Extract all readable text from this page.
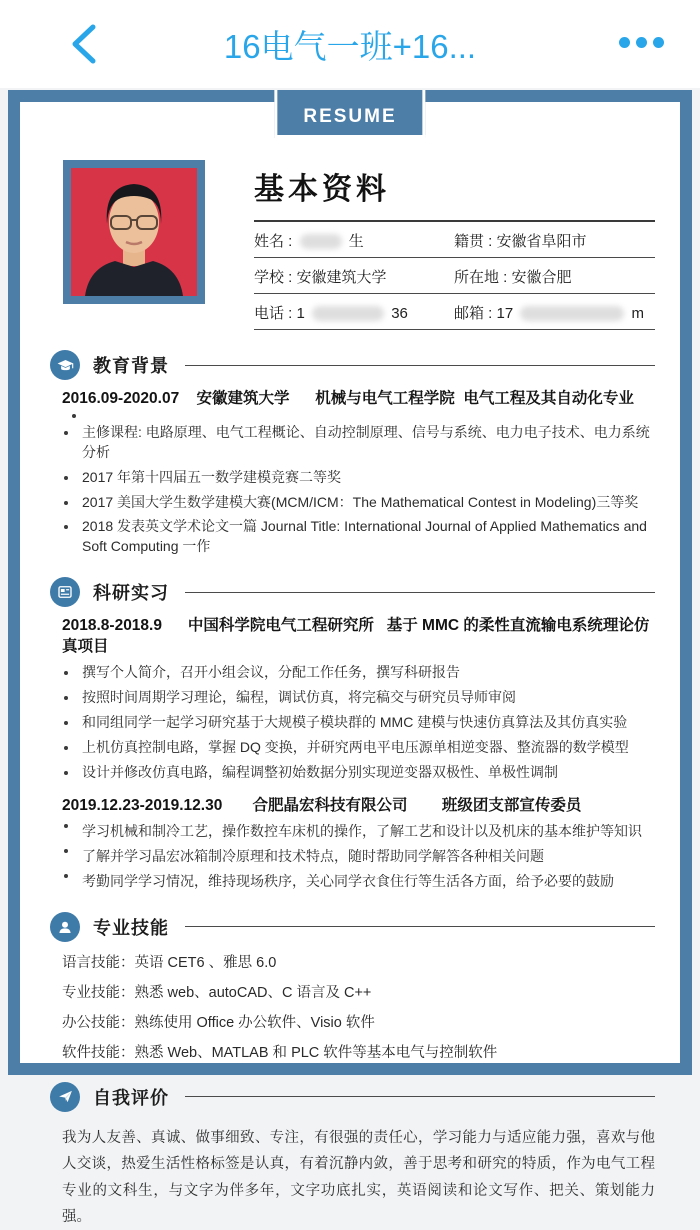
16电气一班+16...
RESUME
基本资料
姓名 :	生	籍贯 : 安徽省阜阳市
学校 : 安徽建筑大学	所在地 : 安徽合肥
电话 : 1	36	邮箱 : 17	m
教育背景
2016.09-2020.07    安徽建筑大学      机械与电气工程学院  电气工程及其自动化专业
主修课程: 电路原理、电气工程概论、自动控制原理、信号与系统、电力电子技术、电力系统分析
2017 年第十四届五一数学建模竞赛二等奖
2017 美国大学生数学建模大赛(MCM/ICM：The Mathematical Contest in Modeling)三等奖
2018 发表英文学术论文一篇 Journal Title: International Journal of Applied Mathematics and Soft Computing 一作
科研实习
2018.8-2018.9      中国科学院电气工程研究所   基于 MMC 的柔性直流输电系统理论仿真项目
撰写个人简介，召开小组会议，分配工作任务，撰写科研报告
按照时间周期学习理论，编程，调试仿真，将完稿交与研究员导师审阅
和同组同学一起学习研究基于大规模子模块群的 MMC 建模与快速仿真算法及其仿真实验
上机仿真控制电路，掌握 DQ 变换，并研究两电平电压源单相逆变器、整流器的数学模型
设计并修改仿真电路，编程调整初始数据分别实现逆变器双极性、单极性调制
2019.12.23-2019.12.30       合肥晶宏科技有限公司        班级团支部宣传委员
学习机械和制冷工艺，操作数控车床机的操作，了解工艺和设计以及机床的基本维护等知识
了解并学习晶宏冰箱制冷原理和技术特点，随时帮助同学解答各种相关问题
考勤同学学习情况，维持现场秩序，关心同学衣食住行等生活各方面，给予必要的鼓励
专业技能
语言技能：英语 CET6 、雅思 6.0
专业技能：熟悉 web、autoCAD、C 语言及 C++
办公技能：熟练使用 Office 办公软件、Visio 软件
软件技能：熟悉 Web、MATLAB 和 PLC 软件等基本电气与控制软件
自我评价
我为人友善、真诚、做事细致、专注，有很强的责任心，学习能力与适应能力强，喜欢与他人交谈，热爱生活性格标签是认真，有着沉静内敛，善于思考和研究的特质，作为电气工程专业的文科生，与文字为伴多年，文字功底扎实，英语阅读和论文写作、把关、策划能力强。
